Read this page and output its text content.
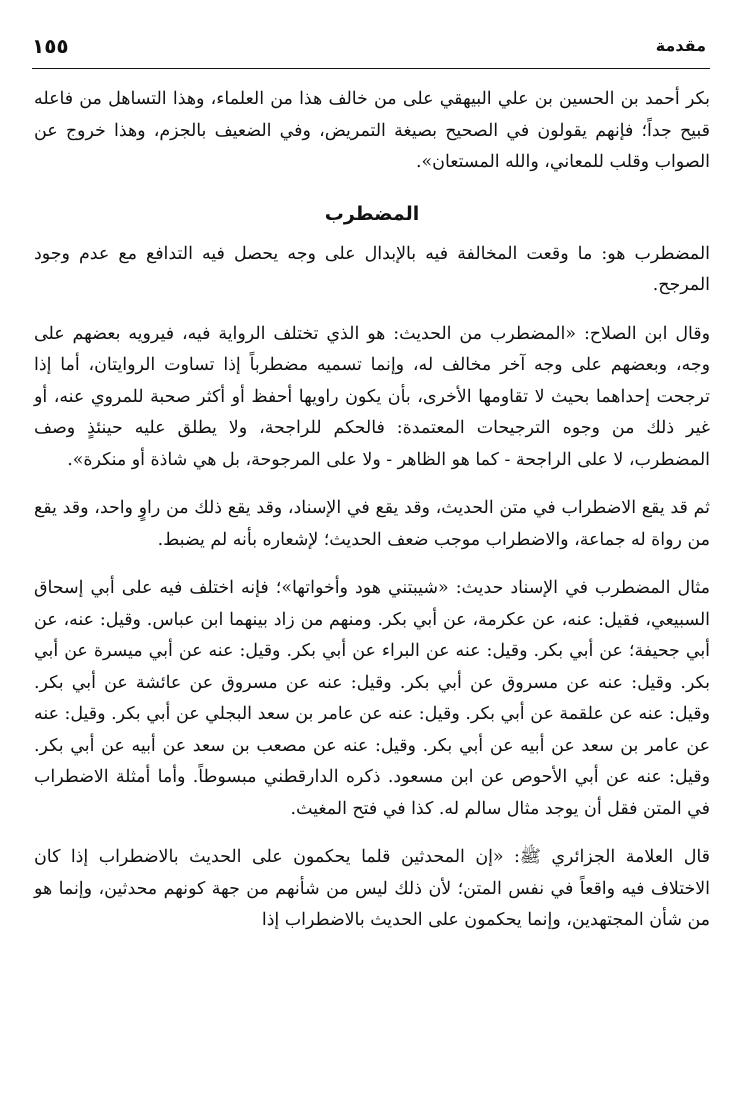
مقدمة
١٥٥

بكر أحمد بن الحسين بن علي البيهقي على من خالف هذا من العلماء، وهذا التساهل من فاعله قبيح جداً؛ فإنهم يقولون في الصحيح بصيغة التمريض، وفي الضعيف بالجزم، وهذا خروج عن الصواب وقلب للمعاني، والله المستعان».

المضطرب

المضطرب هو: ما وقعت المخالفة فيه بالإبدال على وجه يحصل فيه التدافع مع عدم وجود المرجح.

وقال ابن الصلاح: «المضطرب من الحديث: هو الذي تختلف الرواية فيه، فيرويه بعضهم على وجه، وبعضهم على وجه آخر مخالف له، وإنما تسميه مضطرباً إذا تساوت الروايتان، أما إذا ترجحت إحداهما بحيث لا تقاومها الأخرى، بأن يكون راويها أحفظ أو أكثر صحبة للمروي عنه، أو غير ذلك من وجوه الترجيحات المعتمدة: فالحكم للراجحة، ولا يطلق عليه حينئذٍ وصف المضطرب، لا على الراجحة - كما هو الظاهر - ولا على المرجوحة، بل هي شاذة أو منكرة».

ثم قد يقع الاضطراب في متن الحديث، وقد يقع في الإسناد، وقد يقع ذلك من راوٍ واحد، وقد يقع من رواة له جماعة، والاضطراب موجب ضعف الحديث؛ لإشعاره بأنه لم يضبط.

مثال المضطرب في الإسناد حديث: «شيبتني هود وأخواتها»؛ فإنه اختلف فيه على أبي إسحاق السبيعي، فقيل: عنه، عن عكرمة، عن أبي بكر. ومنهم من زاد بينهما ابن عباس. وقيل: عنه، عن أبي جحيفة؛ عن أبي بكر. وقيل: عنه عن البراء عن أبي بكر. وقيل: عنه عن أبي ميسرة عن أبي بكر. وقيل: عنه عن مسروق عن أبي بكر. وقيل: عنه عن مسروق عن عائشة عن أبي بكر. وقيل: عنه عن علقمة عن أبي بكر. وقيل: عنه عن عامر بن سعد البجلي عن أبي بكر. وقيل: عنه عن عامر بن سعد عن أبيه عن أبي بكر. وقيل: عنه عن مصعب بن سعد عن أبيه عن أبي بكر. وقيل: عنه عن أبي الأحوص عن ابن مسعود. ذكره الدارقطني مبسوطاً. وأما أمثلة الاضطراب في المتن فقل أن يوجد مثال سالم له. كذا في فتح المغيث.

قال العلامة الجزائري ﷺ: «إن المحدثين قلما يحكمون على الحديث بالاضطراب إذا كان الاختلاف فيه واقعاً في نفس المتن؛ لأن ذلك ليس من شأنهم من جهة كونهم محدثين، وإنما هو من شأن المجتهدين، وإنما يحكمون على الحديث بالاضطراب إذا
